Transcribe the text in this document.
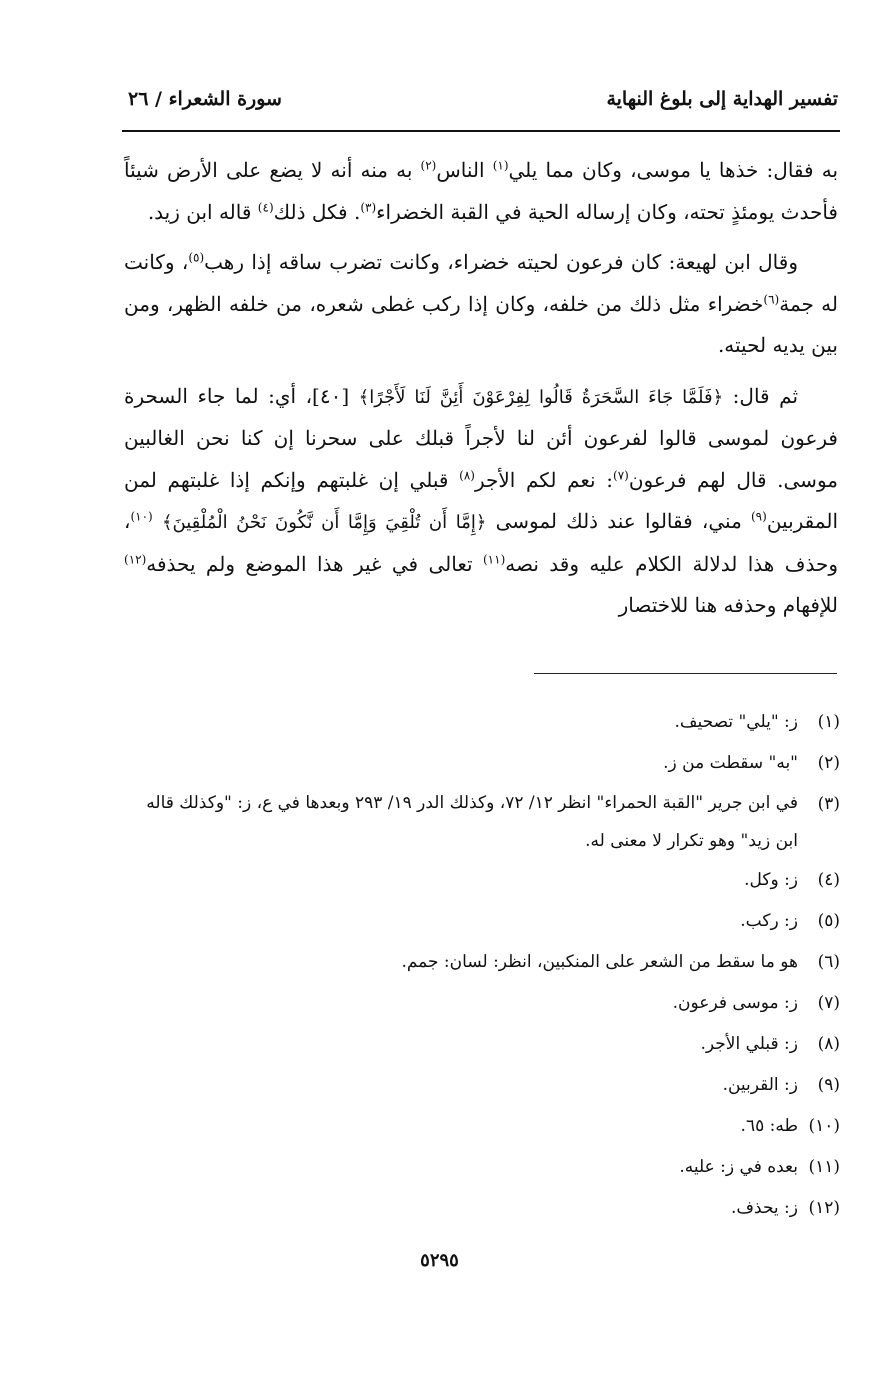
تفسير الهداية إلى بلوغ النهاية
سورة الشعراء / ٢٦

به فقال: خذها يا موسى، وكان مما يلي$^{(١)}$ الناس$^{(٢)}$ به منه أنه لا يضع على الأرض شيئاً فأحدث يومئذٍ تحته، وكان إرساله الحية في القبة الخضراء$^{(٣)}$. فكل ذلك$^{(٤)}$ قاله ابن زيد.

وقال ابن لهيعة: كان فرعون لحيته خضراء، وكانت تضرب ساقه إذا رهب$^{(٥)}$، وكانت له جمة$^{(٦)}$خضراء مثل ذلك من خلفه، وكان إذا ركب غطى شعره، من خلفه الظهر، ومن بين يديه لحيته.

ثم قال: ﴿فَلَمَّا جَاءَ السَّحَرَةُ قَالُوا لِفِرْعَوْنَ أَئِنَّ لَنَا لَأَجْرًا﴾ [٤٠]، أي: لما جاء السحرة فرعون لموسى قالوا لفرعون أئن لنا لأجراً قبلك على سحرنا إن كنا نحن الغالبين موسى. قال لهم فرعون$^{(٧)}$: نعم لكم الأجر$^{(٨)}$ قبلي إن غلبتهم وإنكم إذا غلبتهم لمن المقربين$^{(٩)}$ مني، فقالوا عند ذلك لموسى ﴿إِمَّا أَن تُلْقِيَ وَإِمَّا أَن نَّكُونَ نَحْنُ الْمُلْقِينَ﴾ $^{(١٠)}$، وحذف هذا لدلالة الكلام عليه وقد نصه$^{(١١)}$ تعالى في غير هذا الموضع ولم يحذفه$^{(١٢)}$ للإفهام وحذفه هنا للاختصار

(١)
ز: "يلي" تصحيف.
(٢)
"به" سقطت من ز.
(٣)
في ابن جرير "القبة الحمراء" انظر ١٢/ ٧٢، وكذلك الدر ١٩/ ٢٩٣ وبعدها في ع، ز: "وكذلك قاله ابن زيد" وهو تكرار لا معنى له.
(٤)
ز: وكل.
(٥)
ز: ركب.
(٦)
هو ما سقط من الشعر على المنكبين، انظر: لسان: جمم.
(٧)
ز: موسى فرعون.
(٨)
ز: قبلي الأجر.
(٩)
ز: القربين.
(١٠)
طه: ٦٥.
(١١)
بعده في ز: عليه.
(١٢)
ز: يحذف.
٥٢٩٥
